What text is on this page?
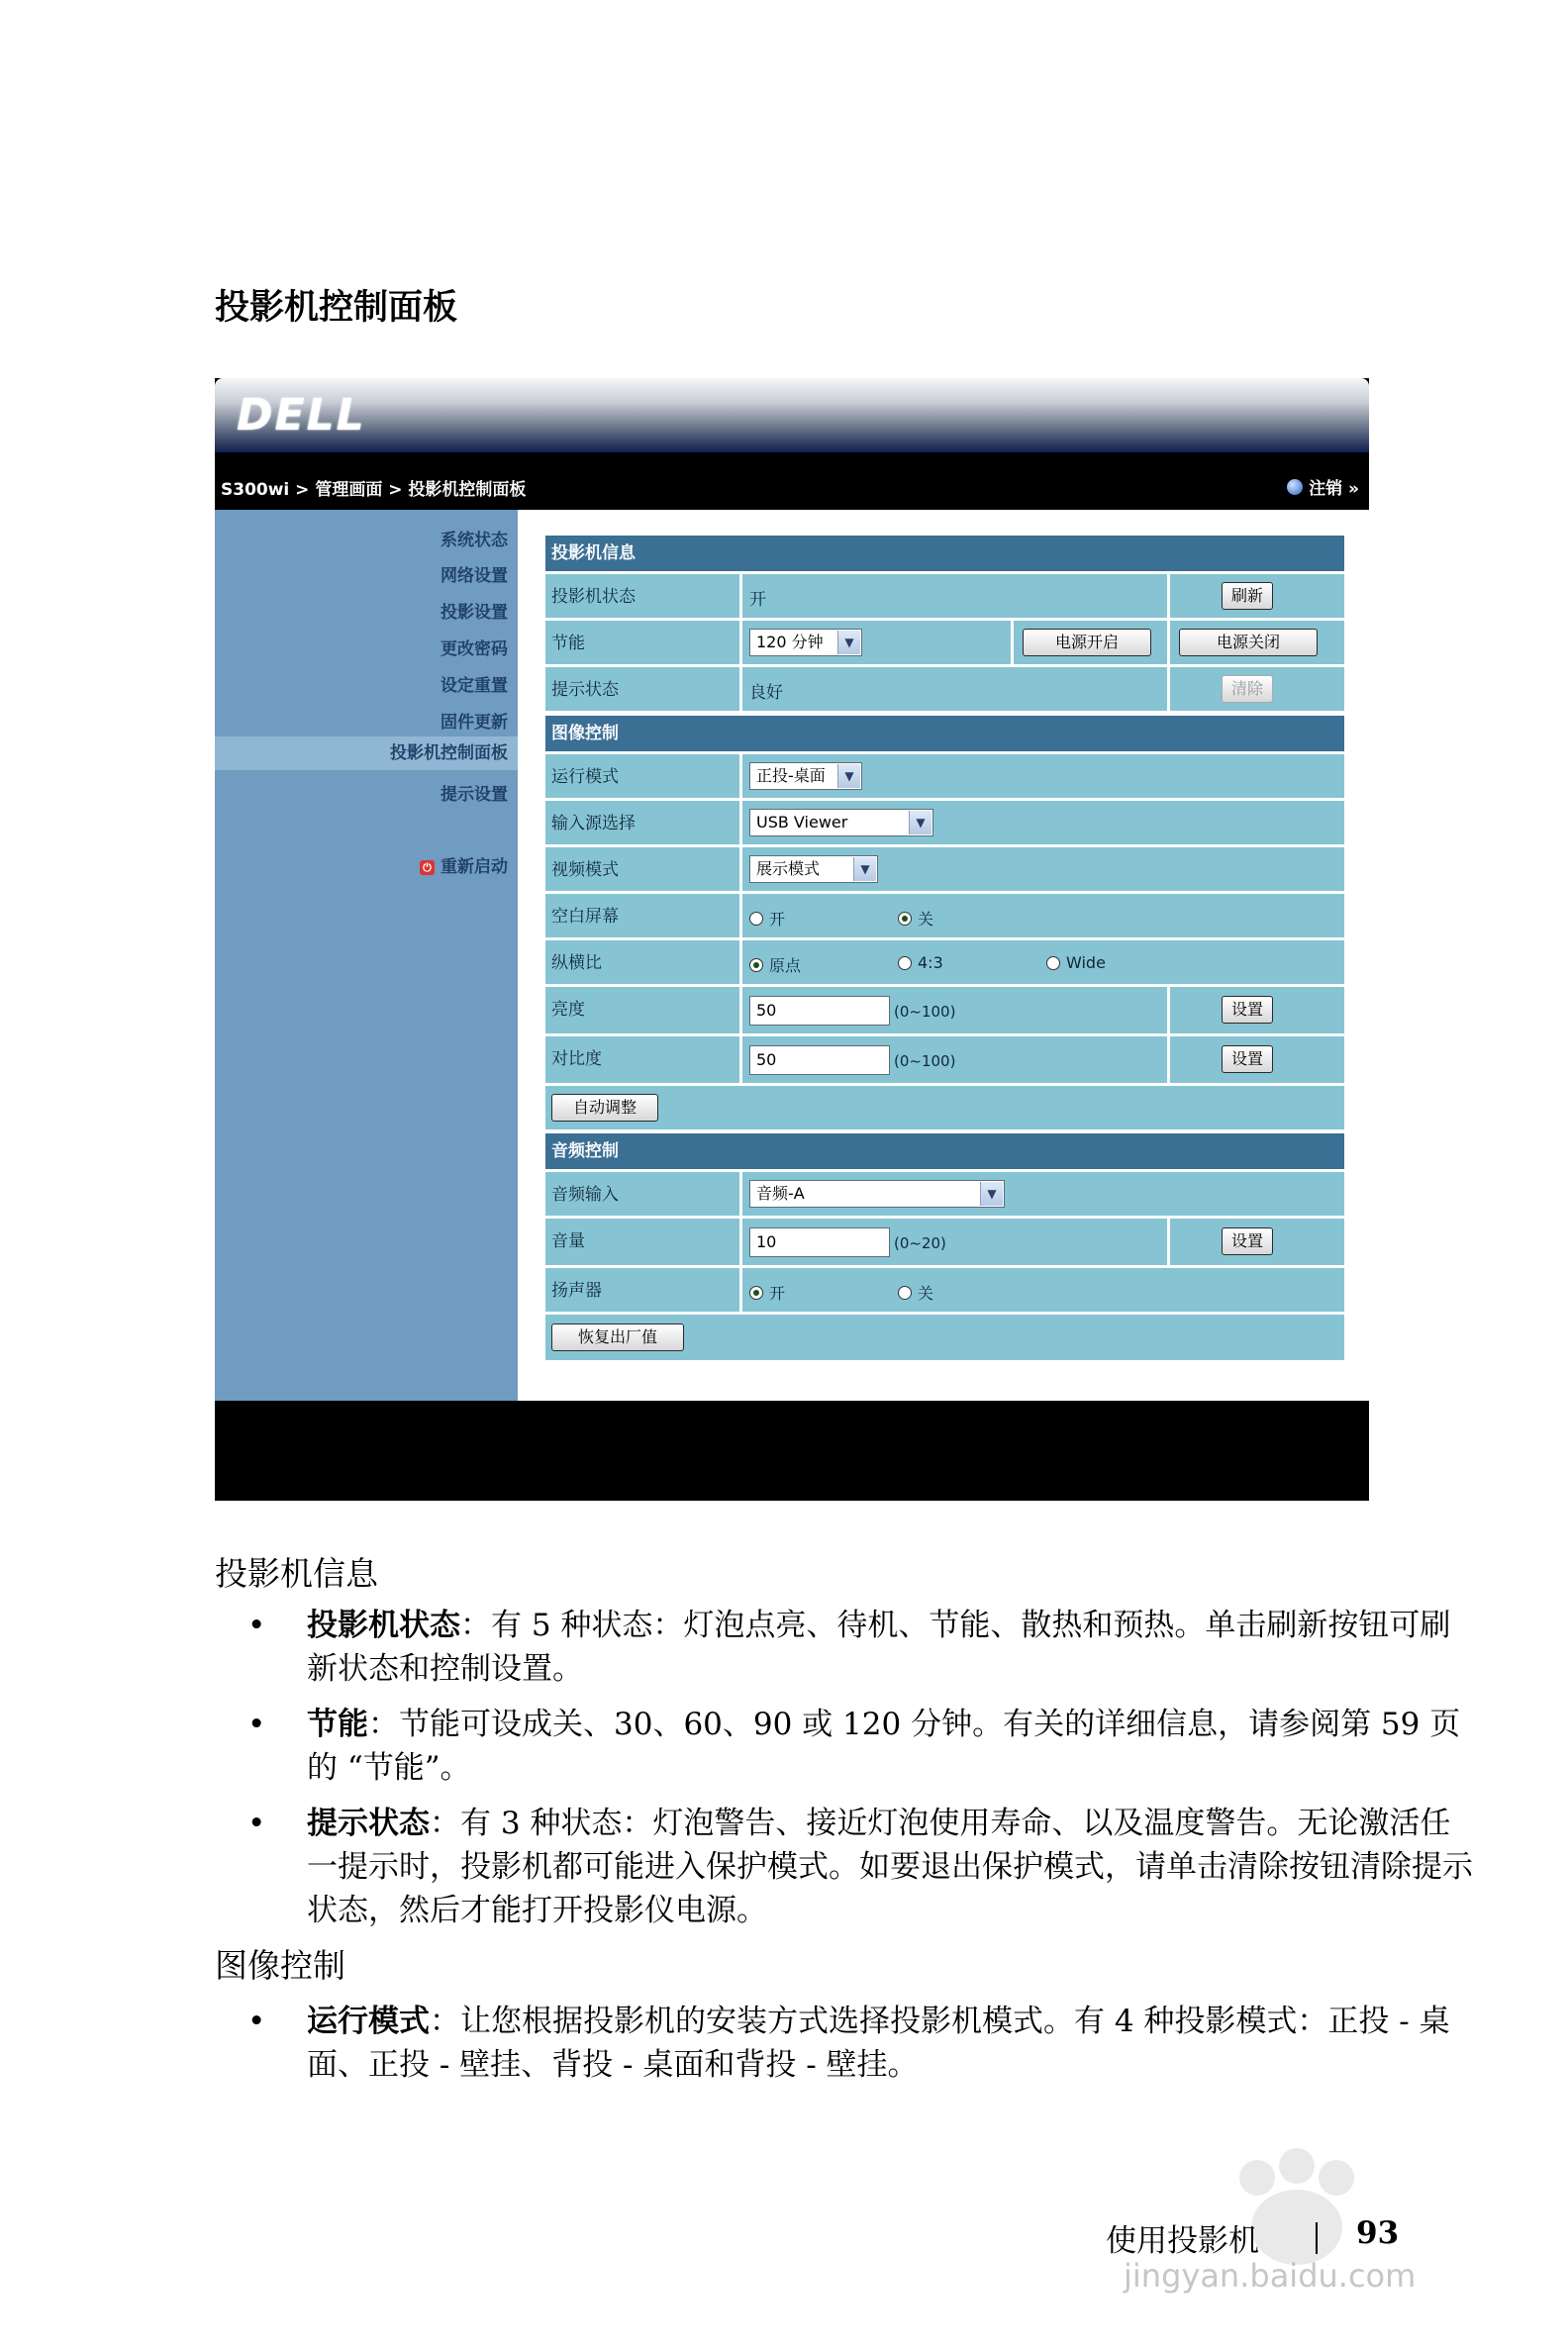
投影机控制面板
DELL
S300wi > 管理画面 > 投影机控制面板	注销 »
系统状态
网络设置
投影设置
更改密码
设定重置
固件更新
投影机控制面板
提示设置
⏻ 重新启动
投影机信息
投影机状态	开	刷新
节能	120 分钟	▼	电源开启	电源关闭
提示状态	良好	清除
图像控制
运行模式	正投-桌面	▼
输入源选择	USB Viewer	▼
视频模式	展示模式	▼
空白屏幕	开	关
纵横比	原点	4:3	Wide
亮度	50	(0~100)	设置
对比度	50	(0~100)	设置
自动调整
音频控制
音频输入	音频-A	▼
音量	10	(0~20)	设置
扬声器	开	关
恢复出厂值
投影机信息
• 投影机状态：有 5 种状态：灯泡点亮、待机、节能、散热和预热。单击刷新按钮可刷新状态和控制设置。
• 节能：节能可设成关、30、60、90 或 120 分钟。有关的详细信息，请参阅第 59 页的 “节能”。
• 提示状态：有 3 种状态：灯泡警告、接近灯泡使用寿命、以及温度警告。无论激活任一提示时，投影机都可能进入保护模式。如要退出保护模式，请单击清除按钮清除提示状态，然后才能打开投影仪电源。
图像控制
• 运行模式：让您根据投影机的安装方式选择投影机模式。有 4 种投影模式：正投 - 桌面、正投 - 壁挂、背投 - 桌面和背投 - 壁挂。
使用投影机	93
jingyan.baidu.com
